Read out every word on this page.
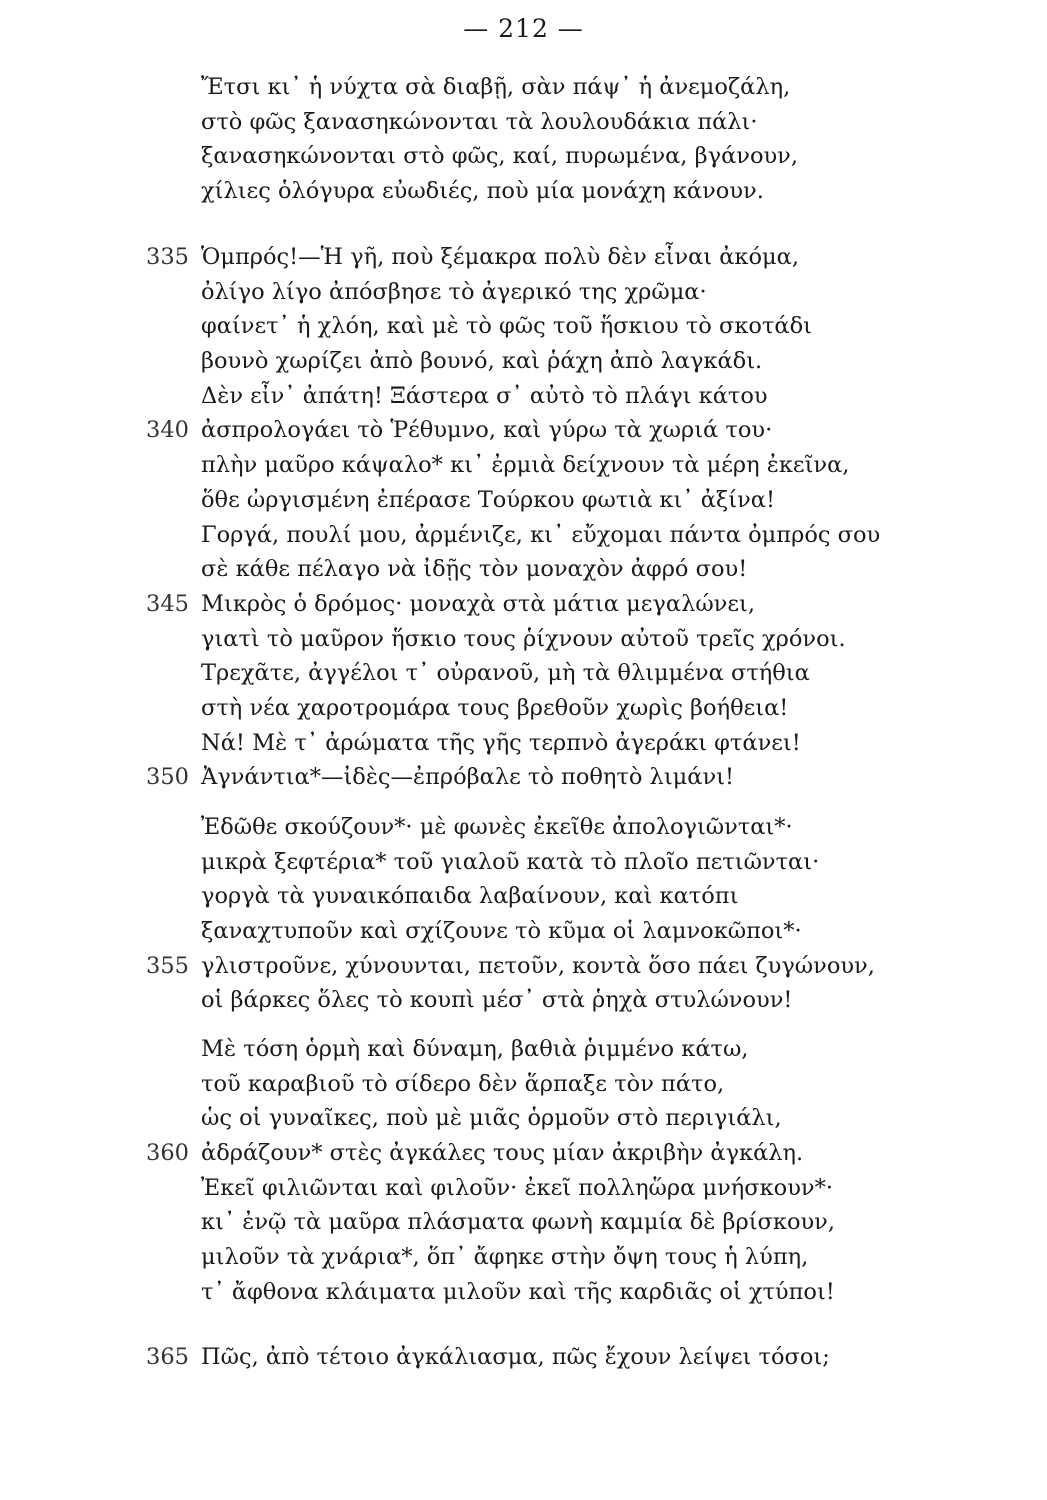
— 212 —
Ἔτσι κι᾽ ἡ νύχτα σὰ διαβῇ, σὰν πάψ᾽ ἡ ἀνεμοζάλη,
στὸ φῶς ξανασηκώνονται τὰ λουλουδάκια πάλι·
ξανασηκώνονται στὸ φῶς, καί, πυρωμένα, βγάνουν,
χίλιες ὁλόγυρα εὐωδιές, ποὺ μία μονάχη κάνουν.
335 Ὁμπρός!—Ἡ γῆ, ποὺ ξέμακρα πολὺ δὲν εἶναι ἀκόμα,
ὀλίγο λίγο ἀπόσβησε τὸ ἀγερικό της χρῶμα·
φαίνετ᾽ ἡ χλόη, καὶ μὲ τὸ φῶς τοῦ ἥσκιου τὸ σκοτάδι
βουνὸ χωρίζει ἀπὸ βουνό, καὶ ῥάχη ἀπὸ λαγκάδι.
Δὲν εἶν᾽ ἀπάτη! Ξάστερα σ᾽ αὐτὸ τὸ πλάγι κάτου
340 ἀσπρολογάει τὸ Ῥέθυμνο, καὶ γύρω τὰ χωριά του·
πλὴν μαῦρο κάψαλο* κι᾽ ἐρμιὰ δείχνουν τὰ μέρη ἐκεῖνα,
ὅθε ὠργισμένη ἐπέρασε Τούρκου φωτιὰ κι᾽ ἀξίνα!
Γοργά, πουλί μου, ἀρμένιζε, κι᾽ εὔχομαι πάντα ὀμπρός σου
σὲ κάθε πέλαγο νὰ ἰδῇς τὸν μοναχὸν ἀφρό σου!
345 Μικρὸς ὁ δρόμος· μοναχὰ στὰ μάτια μεγαλώνει,
γιατὶ τὸ μαῦρον ἥσκιο τους ῥίχνουν αὐτοῦ τρεῖς χρόνοι.
Τρεχᾶτε, ἀγγέλοι τ᾽ οὐρανοῦ, μὴ τὰ θλιμμένα στήθια
στὴ νέα χαροτρομάρα τους βρεθοῦν χωρὶς βοήθεια!
Νά! Μὲ τ᾽ ἀρώματα τῆς γῆς τερπνὸ ἀγεράκι φτάνει!
350 Ἀγνάντια*—ἰδὲς—ἐπρόβαλε τὸ ποθητὸ λιμάνι!
Ἐδῶθε σκούζουν*· μὲ φωνὲς ἐκεῖθε ἀπολογιῶνται*·
μικρὰ ξεφτέρια* τοῦ γιαλοῦ κατὰ τὸ πλοῖο πετιῶνται·
γοργὰ τὰ γυναικόπαιδα λαβαίνουν, καὶ κατόπι
ξαναχτυποῦν καὶ σχίζουνε τὸ κῦμα οἱ λαμνοκῶποι*·
355 γλιστροῦνε, χύνουνται, πετοῦν, κοντὰ ὅσο πάει ζυγώνουν,
οἱ βάρκες ὅλες τὸ κουπὶ μέσ᾽ στὰ ῥηχὰ στυλώνουν!
Μὲ τόση ὁρμὴ καὶ δύναμη, βαθιὰ ῥιμμένο κάτω,
τοῦ καραβιοῦ τὸ σίδερο δὲν ἅρπαξε τὸν πάτο,
ὡς οἱ γυναῖκες, ποὺ μὲ μιᾶς ὁρμοῦν στὸ περιγιάλι,
360 ἀδράζουν* στὲς ἀγκάλες τους μίαν ἀκριβὴν ἀγκάλη.
Ἐκεῖ φιλιῶνται καὶ φιλοῦν· ἐκεῖ πολληὥρα μνήσκουν*·
κι᾽ ἐνῷ τὰ μαῦρα πλάσματα φωνὴ καμμία δὲ βρίσκουν,
μιλοῦν τὰ χνάρια*, ὅπ᾽ ἄφηκε στὴν ὄψη τους ἡ λύπη,
τ᾽ ἄφθονα κλάιματα μιλοῦν καὶ τῆς καρδιᾶς οἱ χτύποι!
365 Πῶς, ἀπὸ τέτοιο ἀγκάλιασμα, πῶς ἔχουν λείψει τόσοι;
